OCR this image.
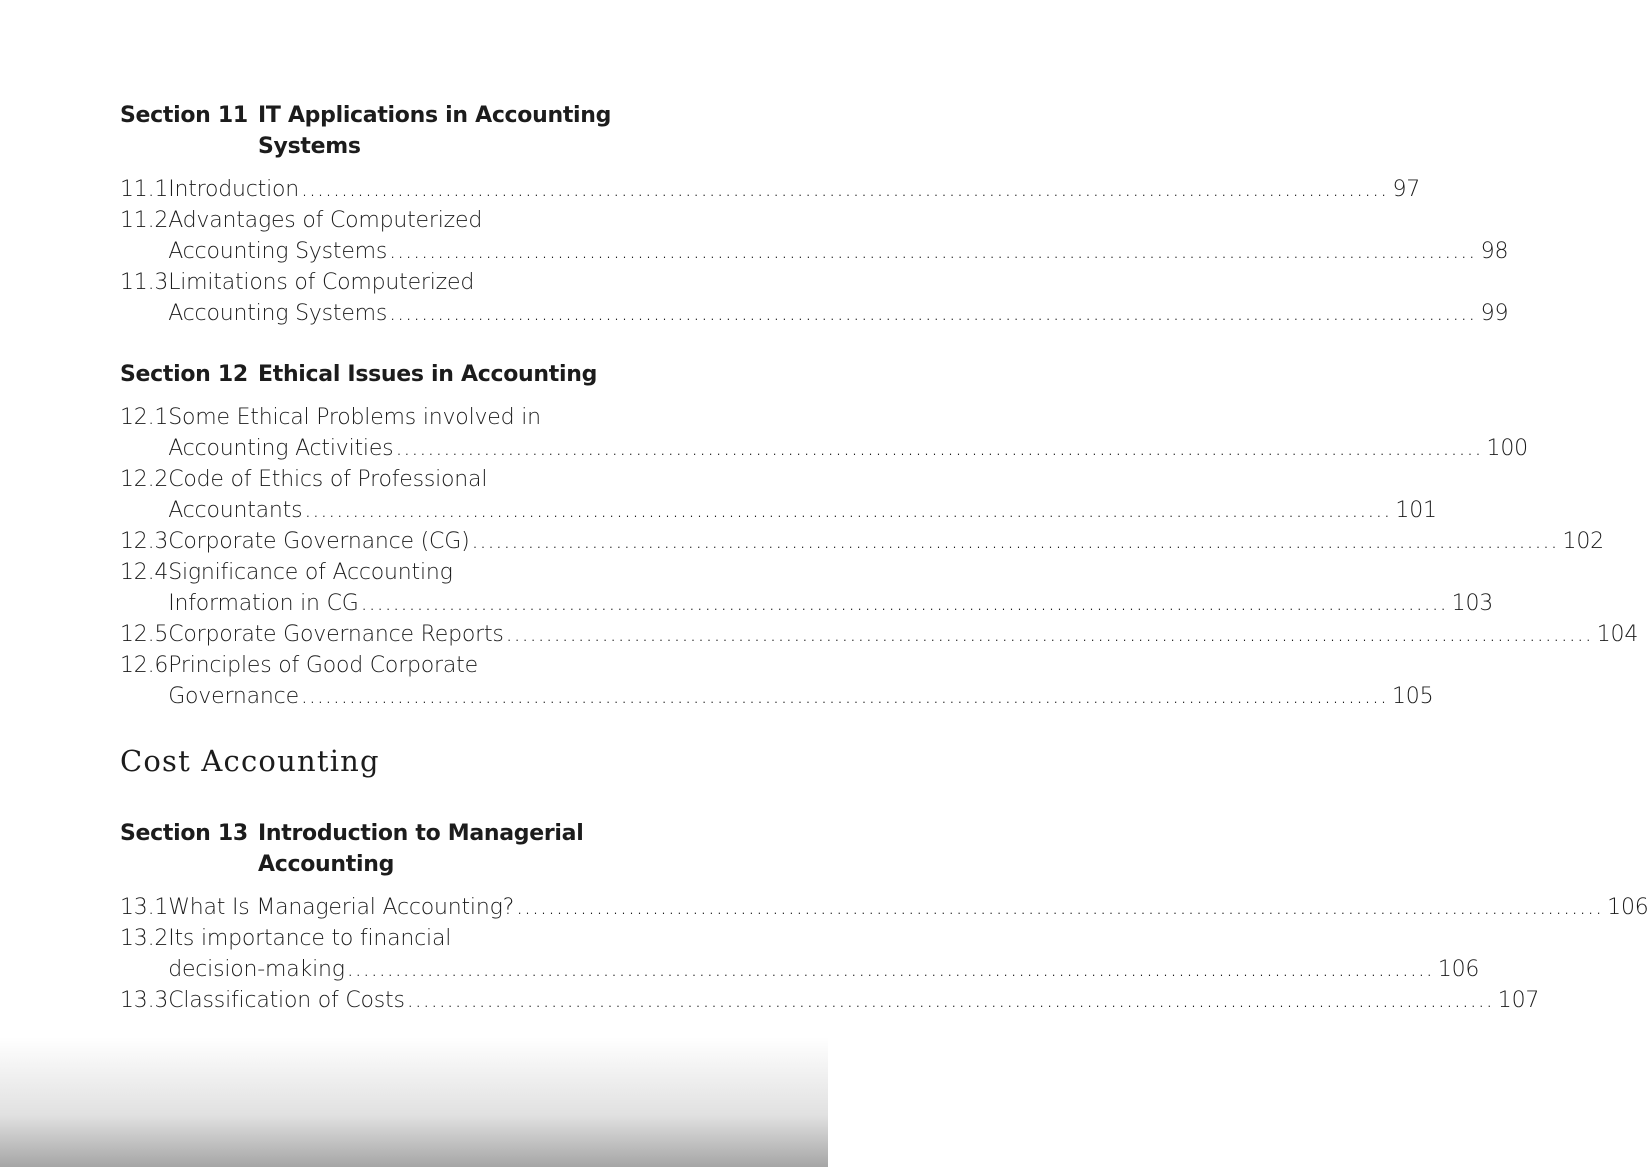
Section 11 IT Applications in Accounting Systems
11.1 Introduction .....	97
11.2 Advantages of Computerized
Accounting Systems .....	98
11.3 Limitations of Computerized
Accounting Systems .....	99
Section 12 Ethical Issues in Accounting
12.1 Some Ethical Problems involved in
Accounting Activities .....	100
12.2 Code of Ethics of Professional
Accountants .....	101
12.3 Corporate Governance (CG) .....	102
12.4 Significance of Accounting
Information in CG .....	103
12.5 Corporate Governance Reports .....	104
12.6 Principles of Good Corporate
Governance .....	105
Cost Accounting
Section 13 Introduction to Managerial Accounting
13.1 What Is Managerial Accounting? .....	106
13.2 Its importance to financial
decision-making .....	106
13.3 Classification of Costs .....	107
